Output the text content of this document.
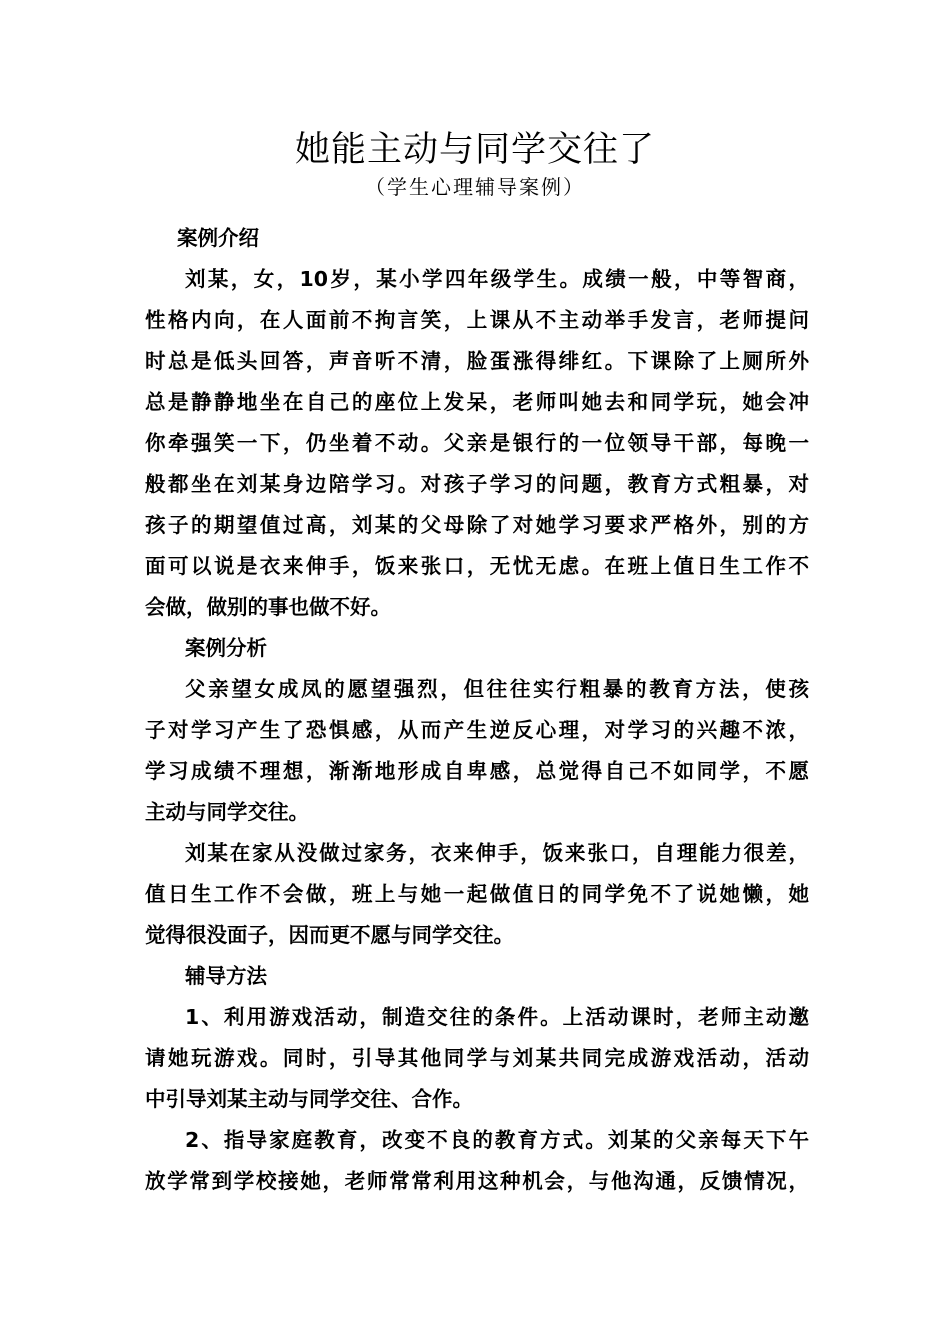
她能主动与同学交往了
（学生心理辅导案例）
案例介绍
刘某，女，10岁，某小学四年级学生。成绩一般，中等智商，
性格内向，在人面前不拘言笑，上课从不主动举手发言，老师提问
时总是低头回答，声音听不清，脸蛋涨得绯红。下课除了上厕所外
总是静静地坐在自己的座位上发呆，老师叫她去和同学玩，她会冲
你牵强笑一下，仍坐着不动。父亲是银行的一位领导干部，每晚一
般都坐在刘某身边陪学习。对孩子学习的问题，教育方式粗暴，对
孩子的期望值过高，刘某的父母除了对她学习要求严格外，别的方
面可以说是衣来伸手，饭来张口，无忧无虑。在班上值日生工作不
会做，做别的事也做不好。
案例分析
父亲望女成凤的愿望强烈，但往往实行粗暴的教育方法，使孩
子对学习产生了恐惧感，从而产生逆反心理，对学习的兴趣不浓，
学习成绩不理想，渐渐地形成自卑感，总觉得自己不如同学，不愿
主动与同学交往。
刘某在家从没做过家务，衣来伸手，饭来张口，自理能力很差，
值日生工作不会做，班上与她一起做值日的同学免不了说她懒，她
觉得很没面子，因而更不愿与同学交往。
辅导方法
1、利用游戏活动，制造交往的条件。上活动课时，老师主动邀
请她玩游戏。同时，引导其他同学与刘某共同完成游戏活动，活动
中引导刘某主动与同学交往、合作。
2、指导家庭教育，改变不良的教育方式。刘某的父亲每天下午
放学常到学校接她，老师常常利用这种机会，与他沟通，反馈情况，
